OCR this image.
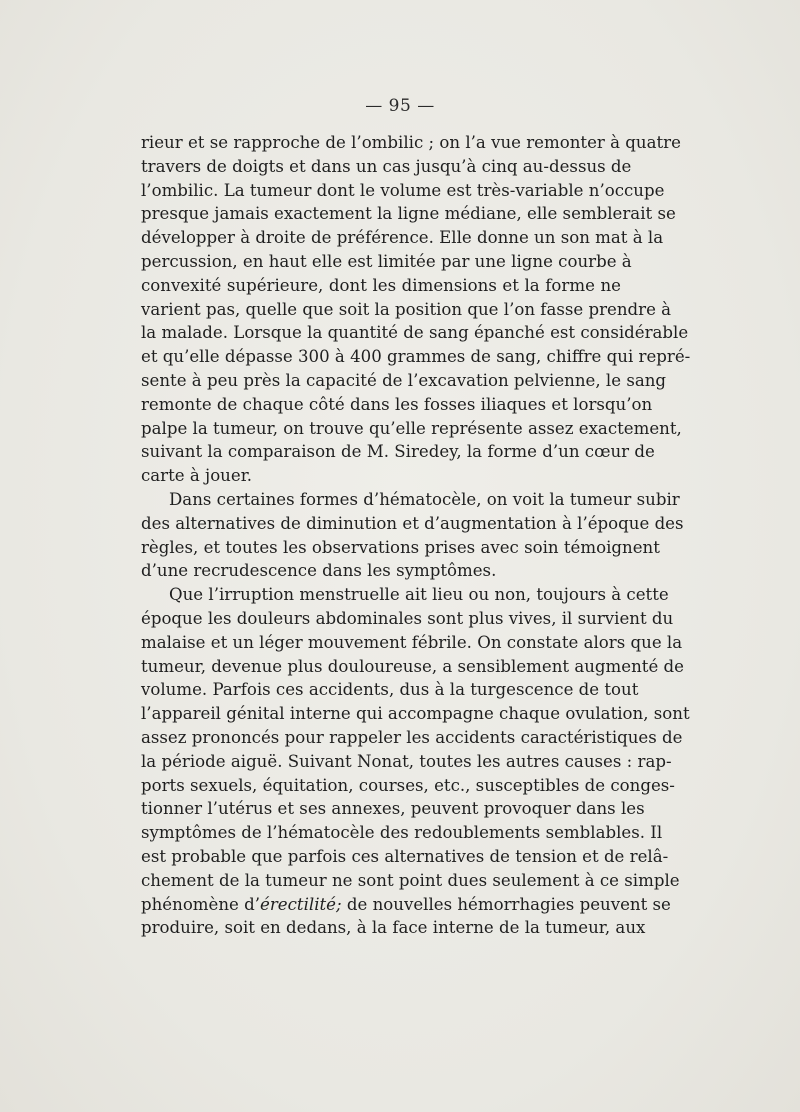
— 95 —
rieur et se rapproche de l’ombilic ; on l’a vue remonter à quatre
travers de doigts et dans un cas jusqu’à cinq au-dessus de
l’ombilic. La tumeur dont le volume est très-variable n’occupe
presque jamais exactement la ligne médiane, elle semblerait se
développer à droite de préférence. Elle donne un son mat à la
percussion, en haut elle est limitée par une ligne courbe à
convexité supérieure, dont les dimensions et la forme ne
varient pas, quelle que soit la position que l’on fasse prendre à
la malade. Lorsque la quantité de sang épanché est considérable
et qu’elle dépasse 300 à 400 grammes de sang, chiffre qui repré-
sente à peu près la capacité de l’excavation pelvienne, le sang
remonte de chaque côté dans les fosses iliaques et lorsqu’on
palpe la tumeur, on trouve qu’elle représente assez exactement,
suivant la comparaison de M. Siredey, la forme d’un cœur de
carte à jouer.
Dans certaines formes d’hématocèle, on voit la tumeur subir
des alternatives de diminution et d’augmentation à l’époque des
règles, et toutes les observations prises avec soin témoignent
d’une recrudescence dans les symptômes.
Que l’irruption menstruelle ait lieu ou non, toujours à cette
époque les douleurs abdominales sont plus vives, il survient du
malaise et un léger mouvement fébrile. On constate alors que la
tumeur, devenue plus douloureuse, a sensiblement augmenté de
volume. Parfois ces accidents, dus à la turgescence de tout
l’appareil génital interne qui accompagne chaque ovulation, sont
assez prononcés pour rappeler les accidents caractéristiques de
la période aiguë. Suivant Nonat, toutes les autres causes : rap-
ports sexuels, équitation, courses, etc., susceptibles de conges-
tionner l’utérus et ses annexes, peuvent provoquer dans les
symptômes de l’hématocèle des redoublements semblables. Il
est probable que parfois ces alternatives de tension et de relâ-
chement de la tumeur ne sont point dues seulement à ce simple
phénomène d’érectilité; de nouvelles hémorrhagies peuvent se
produire, soit en dedans, à la face interne de la tumeur, aux
